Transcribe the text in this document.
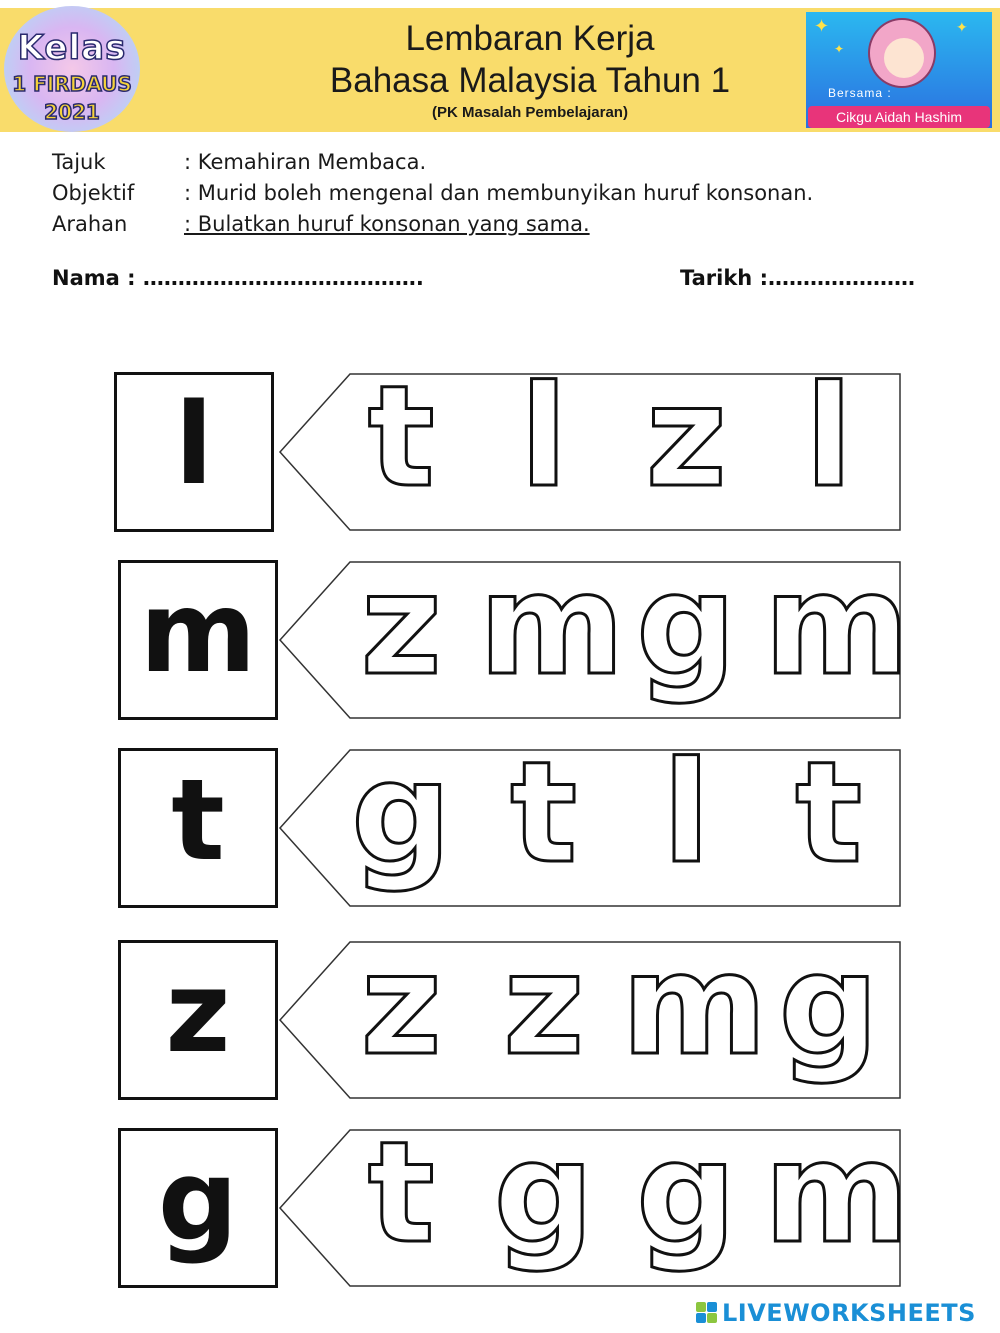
Kelas
1 FIRDAUS
2021
Lembaran Kerja
Bahasa Malaysia Tahun 1
(PK Masalah Pembelajaran)
✦
✦
✦
Bersama :
Cikgu Aidah Hashim
Tajuk	: Kemahiran Membaca.
Objektif : Murid boleh mengenal dan membunyikan huruf konsonan.
Arahan	: Bulatkan huruf konsonan yang sama.
Nama : ………………………………….	Tarikh :…………………
l t l z l
m z m g m
t g t l t
z z z m g
g t g g m
LIVEWORKSHEETS
